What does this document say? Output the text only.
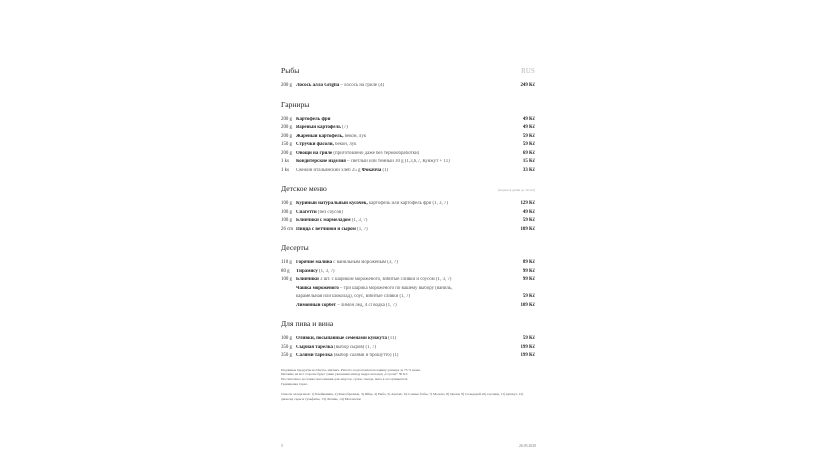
Рыбы	RUS
200 g Лосось алла Griglia – лосось на гриле (4)	249 Kč
Гарниры
200 g Картофель фри	49 Kč
200 g Вареный картофель (7)	49 Kč
200 g Жареный картофель, бекон, лук	59 Kč
150 g Стручки фасоли, бекон, лук	59 Kč
200 g Овощи на гриле (приготовлено даже без термообработки)	69 Kč
1 ks	Кондитерские изделия – светлый или темный 30 g (1,3,6,7, Кунжут + 11)	15 Kč
1 ks	Свежий итальянский хлеб 25 g Фокачча (1)	33 Kč
Детское меню	(подается детям до 10 лет)
100 g Куриный натуральный кусочек, картофель или картофель фри (1, 3, 7)	129 Kč
100 g Спагетти (без соусов)	49 Kč
100 g Блинчики с мармеладом (1, 3, 7)	59 Kč
26 cm Пицца с ветчиной и сыром (1, 7)	109 Kč
Десерты
110 g Горячие малина с ванильным мороженым (3, 7)	89 Kč
80 g	Тирамису (1, 3, 7)	99 Kč
100 g Блинчики 3 шт. с шариком мороженого, взбитые сливки и соусом (1, 3, 7)	99 Kč
Чашка мороженого – три шарика мороженого по вашему выбору (ваниль,
карамельная или шоколад), соус, взбитые сливки (1, 7)	59 Kč
Лимонный сорбет – лимон лёд, 4 cl водка (1, 7)	109 Kč
Для пива и вина
100 g Оливки, посыпанные семенами кунжута (11)	59 Kč
350 g Сырная тарелка (выбор сыров) (1, 7)	199 Kč
350 g Салями тарелка (выбор салями и прошутто) (1)	199 Kč
Поданные продукты из Пасты, мясных, Ризотто подготовлен половину размера за 75 % цены.
Питание на вот стороне будет ужин указанная между ведра молодец „Соусем“ 30 Kč.
Послеполное доставка пополнения для закусок, супов, гнезда, мяса в ассортиментах.
Гравировка тарел.
Список аллергенов: 1) Клейковина, 2) Ракообразные, 3) Яйца, 4) Рыба, 5) Арахис, 6) Соевые бобы, 7) Молоко, 8) Орехи, 9) Сельдерей,10) горчица, 11) кунжут, 12) диоксид серы и сульфиты, 13) Люпин, 14) Моллюски
5	26.05.2020
